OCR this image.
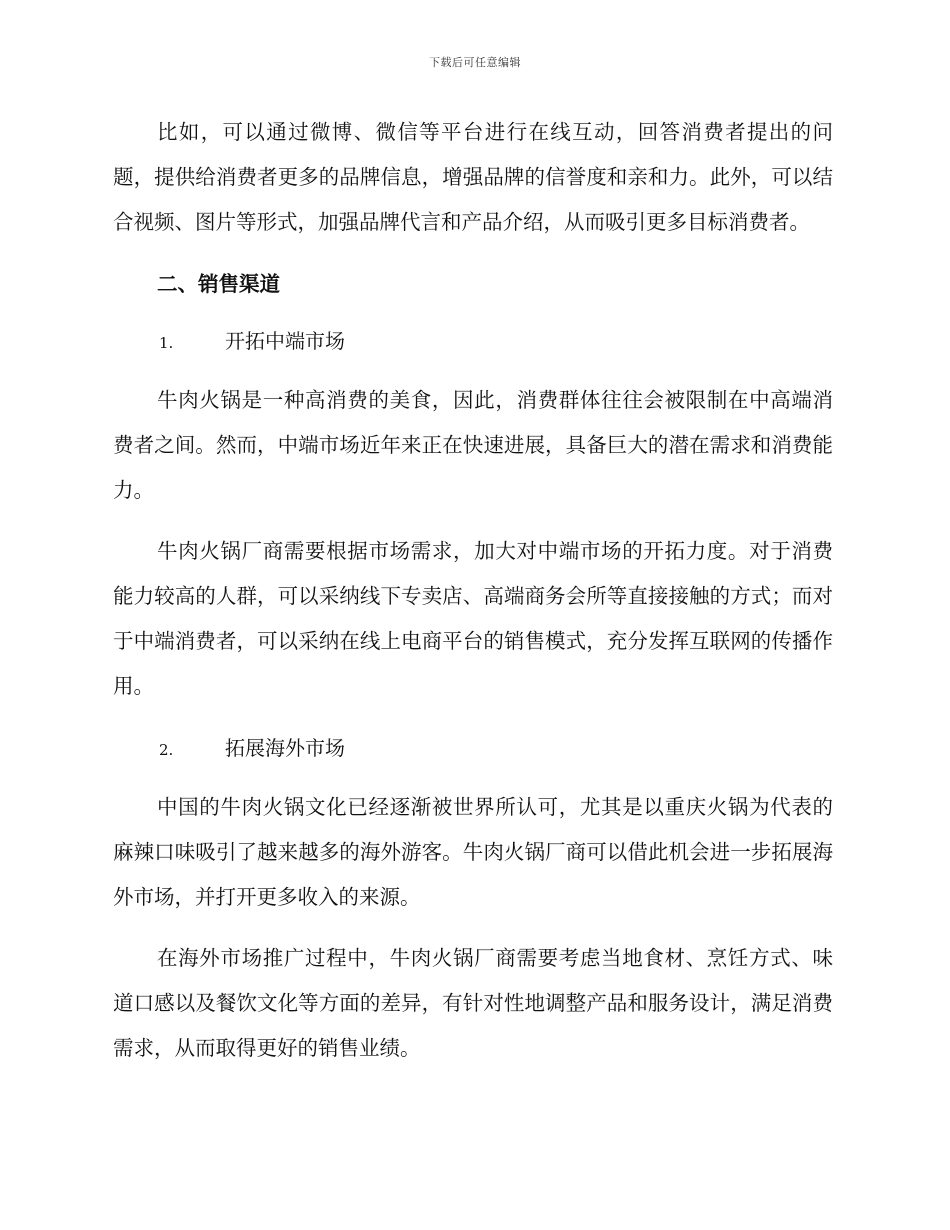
下载后可任意编辑

比如，可以通过微博、微信等平台进行在线互动，回答消费者提出的问题，提供给消费者更多的品牌信息，增强品牌的信誉度和亲和力。此外，可以结合视频、图片等形式，加强品牌代言和产品介绍，从而吸引更多目标消费者。

二、销售渠道
1.	开拓中端市场

牛肉火锅是一种高消费的美食，因此，消费群体往往会被限制在中高端消费者之间。然而，中端市场近年来正在快速进展，具备巨大的潜在需求和消费能力。

牛肉火锅厂商需要根据市场需求，加大对中端市场的开拓力度。对于消费能力较高的人群，可以采纳线下专卖店、高端商务会所等直接接触的方式；而对于中端消费者，可以采纳在线上电商平台的销售模式，充分发挥互联网的传播作用。

2.	拓展海外市场

中国的牛肉火锅文化已经逐渐被世界所认可，尤其是以重庆火锅为代表的麻辣口味吸引了越来越多的海外游客。牛肉火锅厂商可以借此机会进一步拓展海外市场，并打开更多收入的来源。

在海外市场推广过程中，牛肉火锅厂商需要考虑当地食材、烹饪方式、味道口感以及餐饮文化等方面的差异，有针对性地调整产品和服务设计，满足消费需求，从而取得更好的销售业绩。
